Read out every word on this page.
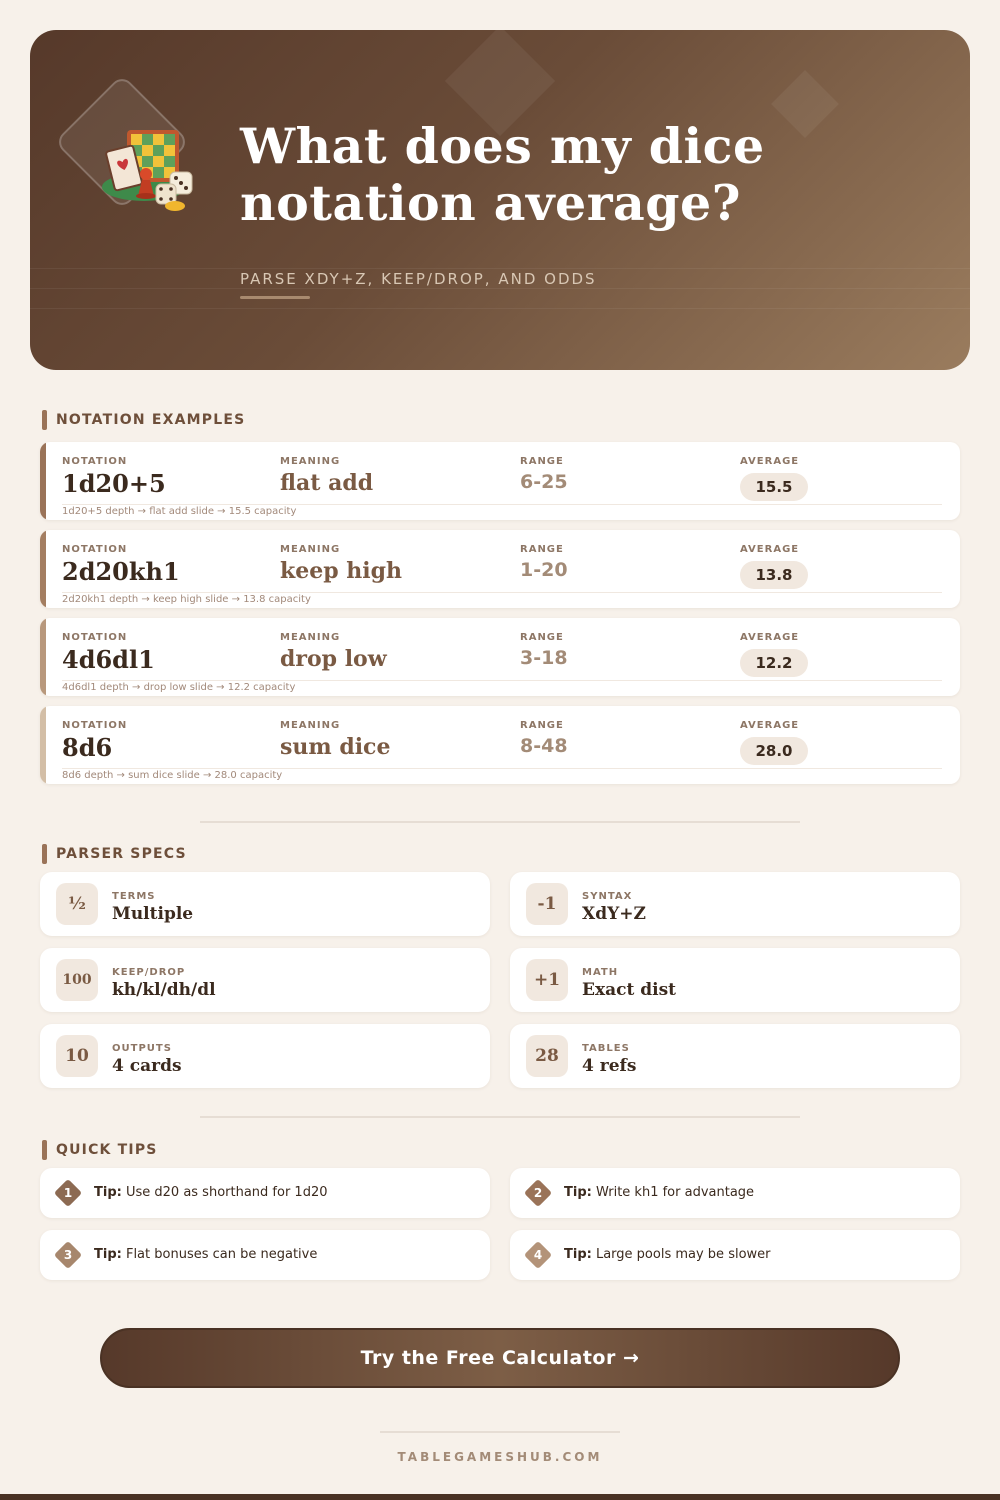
What does my dice
notation average?
PARSE XDY+Z, KEEP/DROP, AND ODDS
NOTATION EXAMPLES
NOTATION
1d20+5
MEANING
flat add
RANGE
6-25
AVERAGE
15.5
1d20+5 depth → flat add slide → 15.5 capacity
NOTATION
2d20kh1
MEANING
keep high
RANGE
1-20
AVERAGE
13.8
2d20kh1 depth → keep high slide → 13.8 capacity
NOTATION
4d6dl1
MEANING
drop low
RANGE
3-18
AVERAGE
12.2
4d6dl1 depth → drop low slide → 12.2 capacity
NOTATION
8d6
MEANING
sum dice
RANGE
8-48
AVERAGE
28.0
8d6 depth → sum dice slide → 28.0 capacity
PARSER SPECS
½	TERMS
Multiple	-1	SYNTAX
XdY+Z
100	KEEP/DROP
kh/kl/dh/dl	+1	MATH
Exact dist
10	OUTPUTS
4 cards	28	TABLES
4 refs
QUICK TIPS
1	Tip: Use d20 as shorthand for 1d20	2	Tip: Write kh1 for advantage
3	Tip: Flat bonuses can be negative	4	Tip: Large pools may be slower
Try the Free Calculator →
TABLEGAMESHUB.COM
